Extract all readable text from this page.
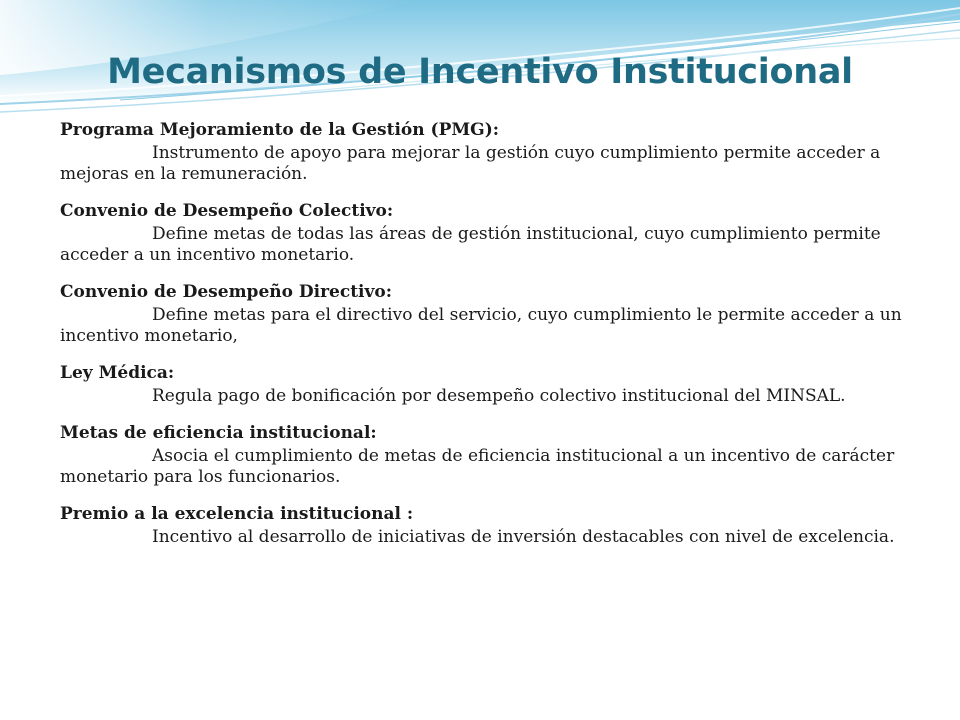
Mecanismos de Incentivo Institucional
Programa Mejoramiento de la Gestión (PMG):
Instrumento de apoyo para mejorar la gestión cuyo cumplimiento permite acceder a mejoras en la remuneración.
Convenio de Desempeño Colectivo:
Define metas de todas las áreas de gestión institucional, cuyo cumplimiento permite acceder a un incentivo monetario.
Convenio de Desempeño Directivo:
Define metas para el directivo del servicio, cuyo cumplimiento le permite acceder a un incentivo monetario,
Ley Médica:
Regula pago de bonificación por desempeño colectivo institucional del MINSAL.
Metas de eficiencia institucional:
Asocia el cumplimiento de metas de eficiencia institucional a un incentivo de carácter monetario para los funcionarios.
Premio a la excelencia institucional :
Incentivo al desarrollo de iniciativas de inversión destacables con nivel de excelencia.
